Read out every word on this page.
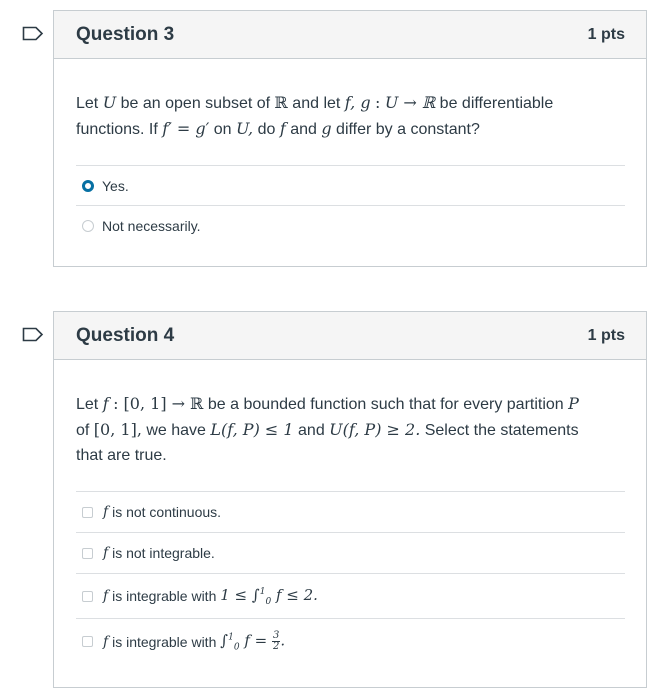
Question 3	1 pts
Let U be an open subset of ℝ and let f, g : U → ℝ be differentiable
functions. If f′ = g′ on U, do f and g differ by a constant?
Yes.
Not necessarily.
Question 4	1 pts
Let f : [0, 1] → ℝ be a bounded function such that for every partition P
of [0, 1], we have L(f, P) ≤ 1 and U(f, P) ≥ 2. Select the statements
that are true.
f
is not continuous.
f
is not integrable.
f
is integrable with
1 ≤ ∫$^1_0$ f ≤ 2.
f
is integrable with
∫$^1_0$ $f = \frac{3}{2}$ .
